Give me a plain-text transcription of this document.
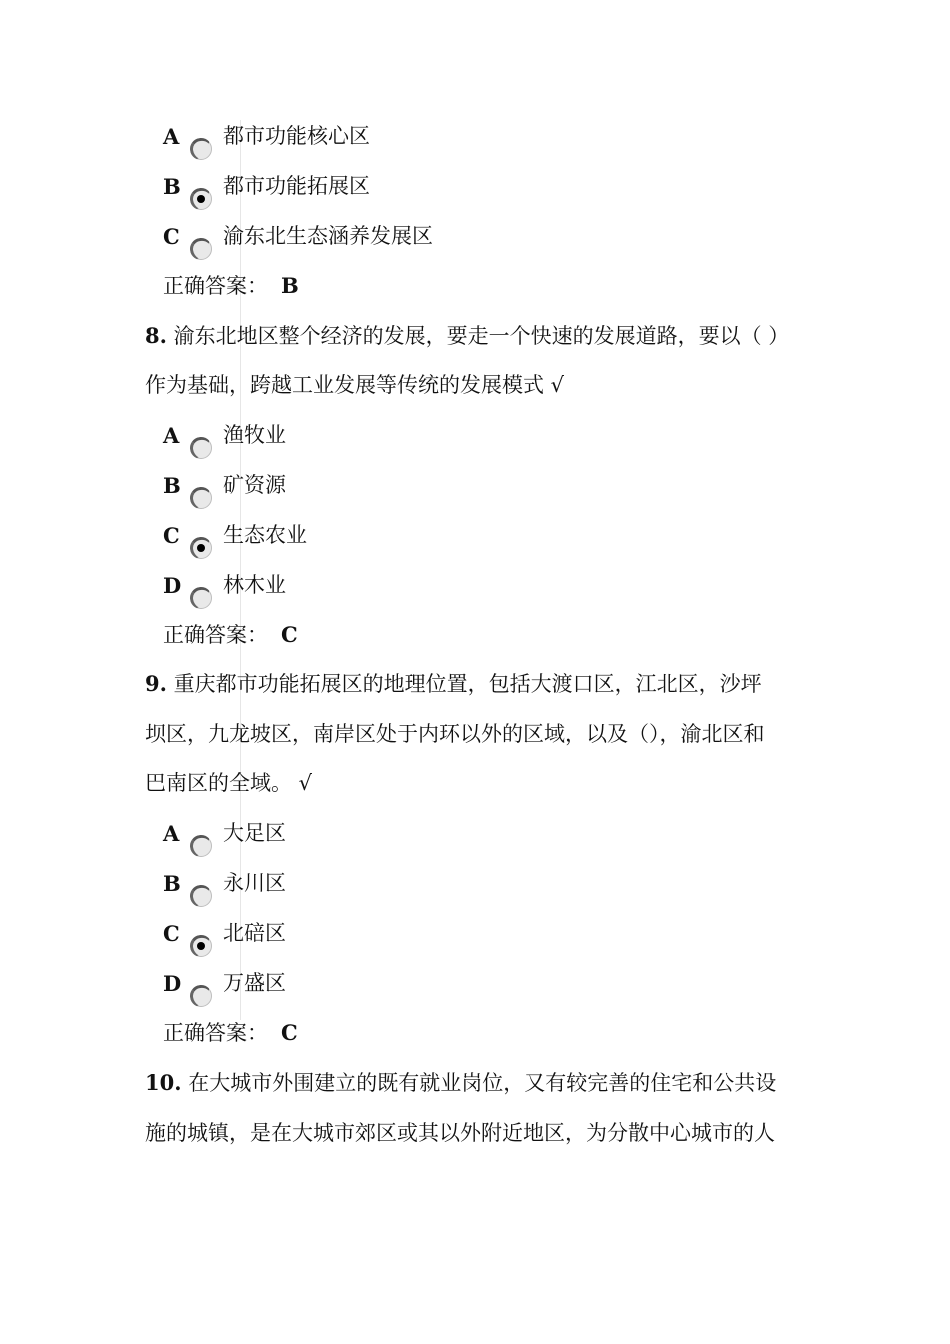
A 都市功能核心区
B 都市功能拓展区
C 渝东北生态涵养发展区
正确答案： B
8. 渝东北地区整个经济的发展，要走一个快速的发展道路，要以（ ）
作为基础，跨越工业发展等传统的发展模式 √
A 渔牧业
B 矿资源
C 生态农业
D 林木业
正确答案： C
9. 重庆都市功能拓展区的地理位置，包括大渡口区，江北区，沙坪
坝区，九龙坡区，南岸区处于内环以外的区域，以及（），渝北区和
巴南区的全域。 √
A 大足区
B 永川区
C 北碚区
D 万盛区
正确答案： C
10. 在大城市外围建立的既有就业岗位，又有较完善的住宅和公共设
施的城镇，是在大城市郊区或其以外附近地区，为分散中心城市的人
